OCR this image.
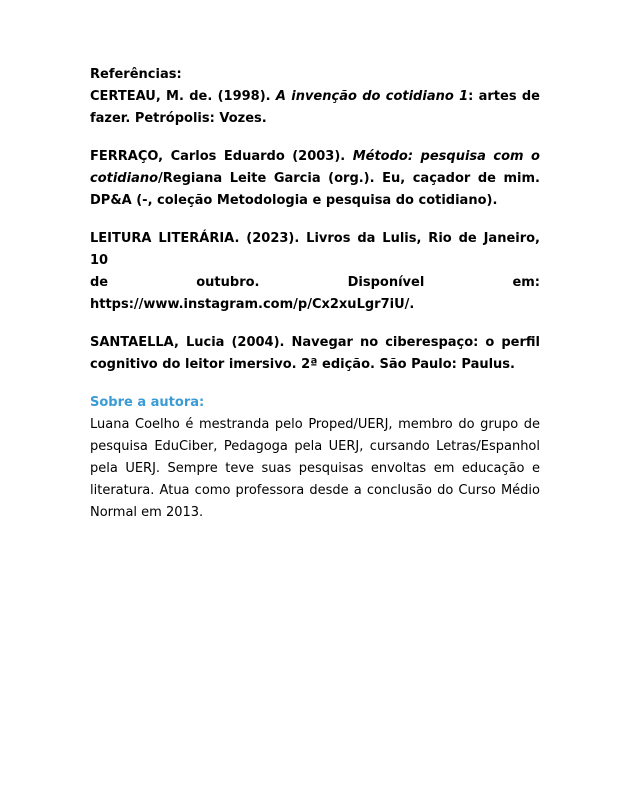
Referências:

CERTEAU, M. de. (1998). A invenção do cotidiano 1: artes de fazer. Petrópolis: Vozes.

FERRAÇO, Carlos Eduardo (2003). Método: pesquisa com o cotidiano/Regiana Leite Garcia (org.). Eu, caçador de mim. DP&A (-, coleção Metodologia e pesquisa do cotidiano).

LEITURA LITERÁRIA. (2023). Livros da Lulis, Rio de Janeiro, 10
de	outubro.	Disponível	em:
https://www.instagram.com/p/Cx2xuLgr7iU/.

SANTAELLA, Lucia (2004). Navegar no ciberespaço: o perfil cognitivo do leitor imersivo. 2ª edição. São Paulo: Paulus.

Sobre a autora:

Luana Coelho é mestranda pelo Proped/UERJ, membro do grupo de pesquisa EduCiber, Pedagoga pela UERJ, cursando Letras/Espanhol pela UERJ. Sempre teve suas pesquisas envoltas em educação e literatura. Atua como professora desde a conclusão do Curso Médio Normal em 2013.
